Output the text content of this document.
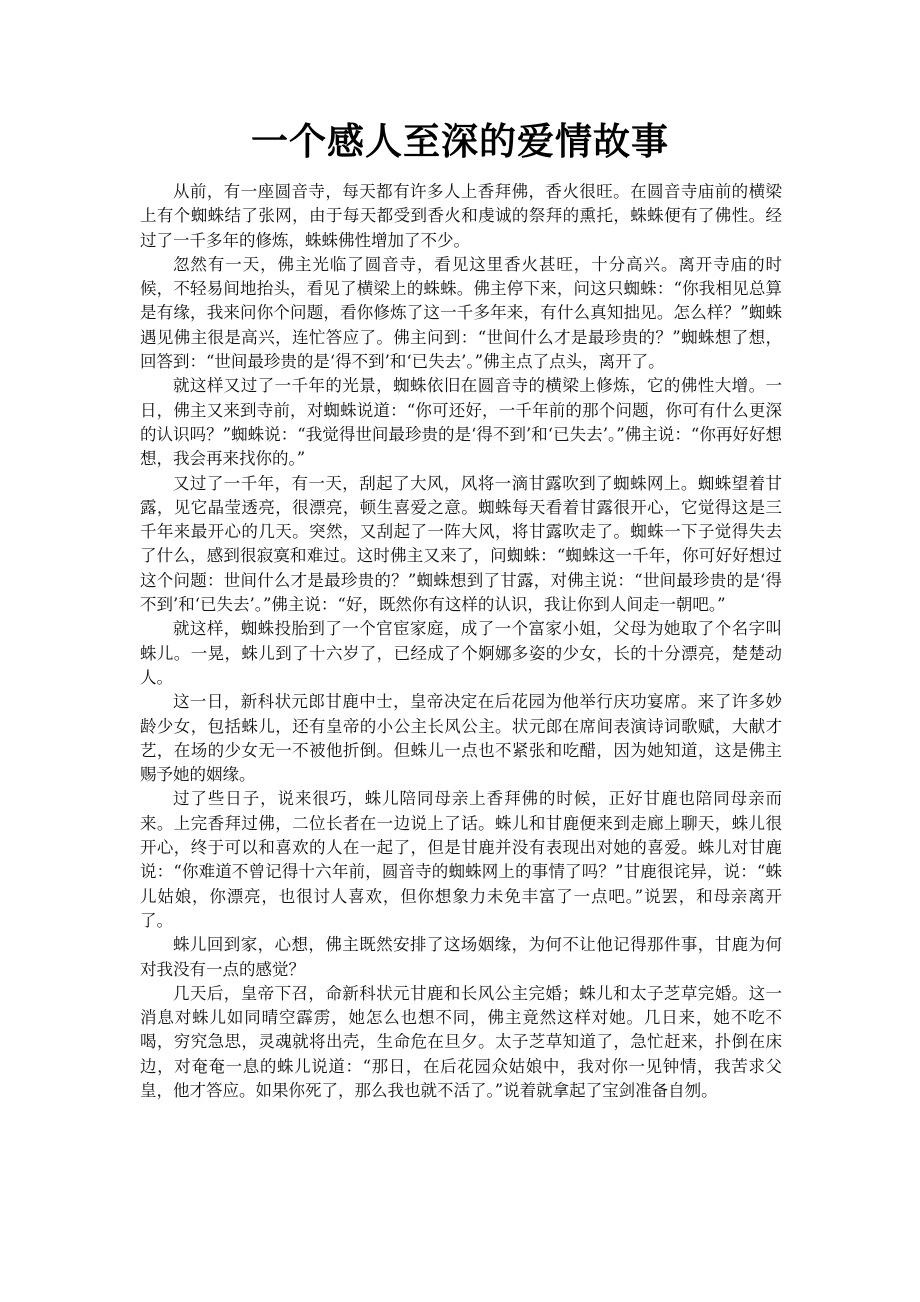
一个感人至深的爱情故事

从前，有一座圆音寺，每天都有许多人上香拜佛，香火很旺。在圆音寺庙前的横梁上有个蜘蛛结了张网，由于每天都受到香火和虔诚的祭拜的熏托，蛛蛛便有了佛性。经过了一千多年的修炼，蛛蛛佛性增加了不少。

忽然有一天，佛主光临了圆音寺，看见这里香火甚旺，十分高兴。离开寺庙的时候，不轻易间地抬头，看见了横梁上的蛛蛛。佛主停下来，问这只蜘蛛：“你我相见总算是有缘，我来问你个问题，看你修炼了这一千多年来，有什么真知拙见。怎么样？”蜘蛛遇见佛主很是高兴，连忙答应了。佛主问到：“世间什么才是最珍贵的？”蜘蛛想了想，回答到：“世间最珍贵的是‘得不到’和‘已失去’。”佛主点了点头，离开了。

就这样又过了一千年的光景，蜘蛛依旧在圆音寺的横梁上修炼，它的佛性大增。一日，佛主又来到寺前，对蜘蛛说道：“你可还好，一千年前的那个问题，你可有什么更深的认识吗？”蜘蛛说：“我觉得世间最珍贵的是‘得不到’和‘已失去’。”佛主说：“你再好好想想，我会再来找你的。”

又过了一千年，有一天，刮起了大风，风将一滴甘露吹到了蜘蛛网上。蜘蛛望着甘露，见它晶莹透亮，很漂亮，顿生喜爱之意。蜘蛛每天看着甘露很开心，它觉得这是三千年来最开心的几天。突然，又刮起了一阵大风，将甘露吹走了。蜘蛛一下子觉得失去了什么，感到很寂寞和难过。这时佛主又来了，问蜘蛛：“蜘蛛这一千年，你可好好想过这个问题：世间什么才是最珍贵的？”蜘蛛想到了甘露，对佛主说：“世间最珍贵的是‘得不到’和‘已失去’。”佛主说：“好，既然你有这样的认识，我让你到人间走一朝吧。”

就这样，蜘蛛投胎到了一个官宦家庭，成了一个富家小姐，父母为她取了个名字叫蛛儿。一晃，蛛儿到了十六岁了，已经成了个婀娜多姿的少女，长的十分漂亮，楚楚动人。

这一日，新科状元郎甘鹿中士，皇帝决定在后花园为他举行庆功宴席。来了许多妙龄少女，包括蛛儿，还有皇帝的小公主长风公主。状元郎在席间表演诗词歌赋，大献才艺，在场的少女无一不被他折倒。但蛛儿一点也不紧张和吃醋，因为她知道，这是佛主赐予她的姻缘。

过了些日子，说来很巧，蛛儿陪同母亲上香拜佛的时候，正好甘鹿也陪同母亲而来。上完香拜过佛，二位长者在一边说上了话。蛛儿和甘鹿便来到走廊上聊天，蛛儿很开心，终于可以和喜欢的人在一起了，但是甘鹿并没有表现出对她的喜爱。蛛儿对甘鹿说：“你难道不曾记得十六年前，圆音寺的蜘蛛网上的事情了吗？”甘鹿很诧异，说：“蛛儿姑娘，你漂亮，也很讨人喜欢，但你想象力未免丰富了一点吧。”说罢，和母亲离开了。

蛛儿回到家，心想，佛主既然安排了这场姻缘，为何不让他记得那件事，甘鹿为何对我没有一点的感觉？

几天后，皇帝下召，命新科状元甘鹿和长风公主完婚；蛛儿和太子芝草完婚。这一消息对蛛儿如同晴空霹雳，她怎么也想不同，佛主竟然这样对她。几日来，她不吃不喝，穷究急思，灵魂就将出壳，生命危在旦夕。太子芝草知道了，急忙赶来，扑倒在床边，对奄奄一息的蛛儿说道：“那日，在后花园众姑娘中，我对你一见钟情，我苦求父皇，他才答应。如果你死了，那么我也就不活了。”说着就拿起了宝剑准备自刎。
